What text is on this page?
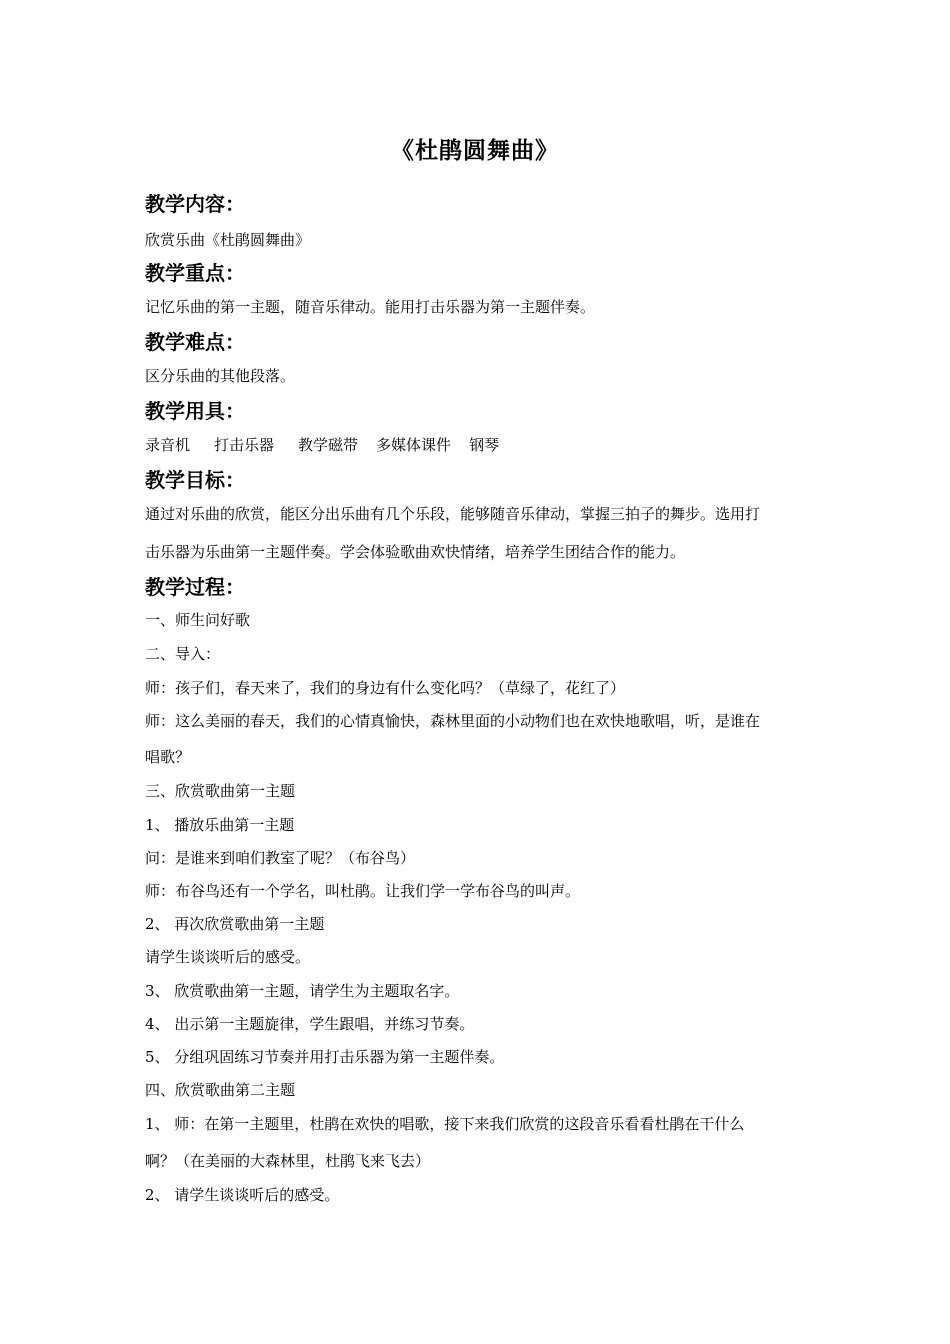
《杜鹃圆舞曲》
教学内容：
欣赏乐曲《杜鹃圆舞曲》
教学重点：
记忆乐曲的第一主题，随音乐律动。能用打击乐器为第一主题伴奏。
教学难点：
区分乐曲的其他段落。
教学用具：
录音机 打击乐器 教学磁带 多媒体课件 钢琴
教学目标：
通过对乐曲的欣赏，能区分出乐曲有几个乐段，能够随音乐律动，掌握三拍子的舞步。选用打
击乐器为乐曲第一主题伴奏。学会体验歌曲欢快情绪，培养学生团结合作的能力。
教学过程：
一、师生问好歌
二、导入：
师：孩子们，春天来了，我们的身边有什么变化吗？（草绿了，花红了）
师：这么美丽的春天，我们的心情真愉快，森林里面的小动物们也在欢快地歌唱，听，是谁在
唱歌？
三、欣赏歌曲第一主题
1、 播放乐曲第一主题
问：是谁来到咱们教室了呢？（布谷鸟）
师：布谷鸟还有一个学名，叫杜鹃。让我们学一学布谷鸟的叫声。
2、 再次欣赏歌曲第一主题
请学生谈谈听后的感受。
3、 欣赏歌曲第一主题，请学生为主题取名字。
4、 出示第一主题旋律，学生跟唱，并练习节奏。
5、 分组巩固练习节奏并用打击乐器为第一主题伴奏。
四、欣赏歌曲第二主题
1、 师：在第一主题里，杜鹃在欢快的唱歌，接下来我们欣赏的这段音乐看看杜鹃在干什么
啊？（在美丽的大森林里，杜鹃飞来飞去）
2、 请学生谈谈听后的感受。
